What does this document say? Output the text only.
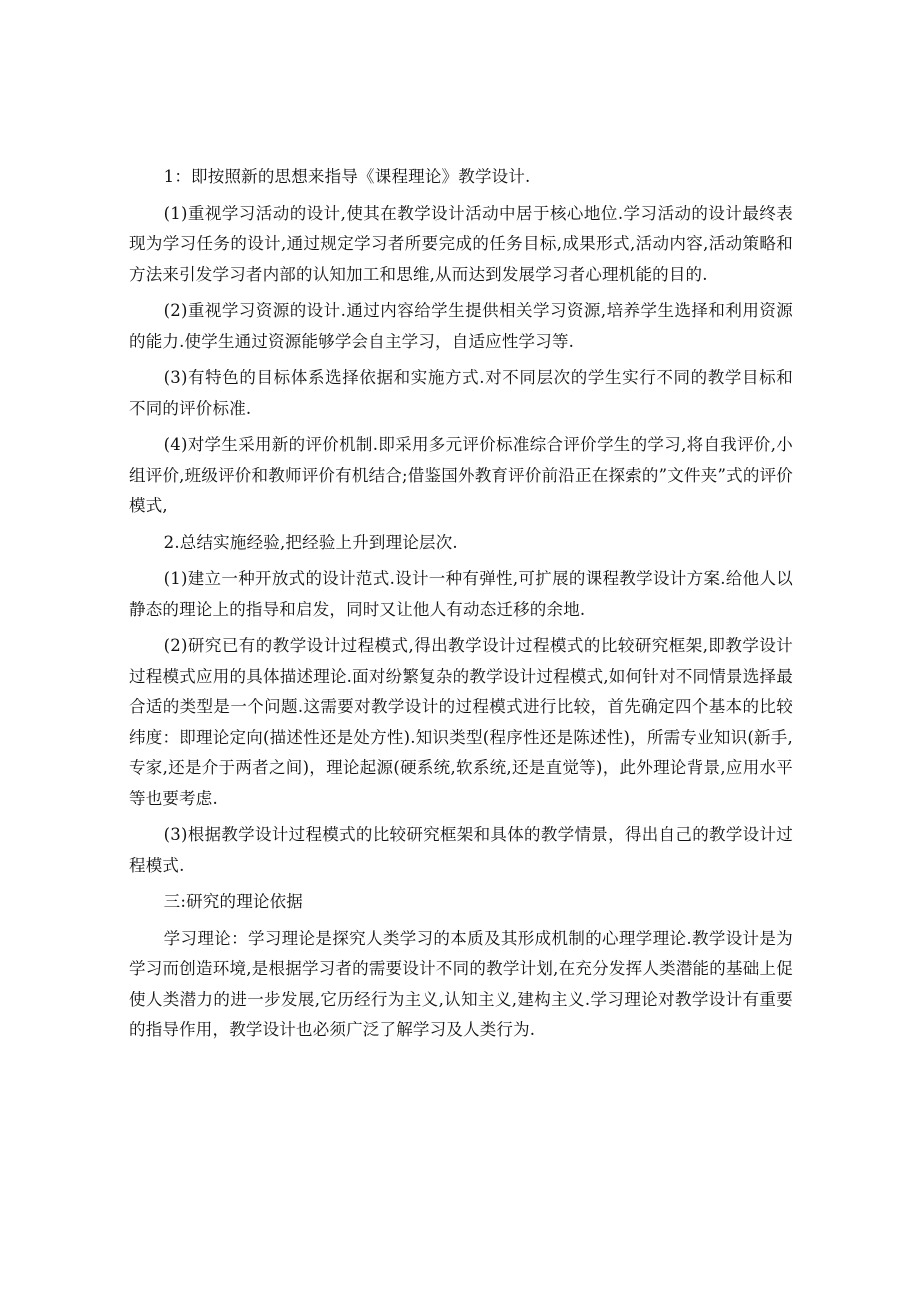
1：即按照新的思想来指导《课程理论》教学设计.

(1)重视学习活动的设计,使其在教学设计活动中居于核心地位.学习活动的设计最终表现为学习任务的设计,通过规定学习者所要完成的任务目标,成果形式,活动内容,活动策略和方法来引发学习者内部的认知加工和思维,从而达到发展学习者心理机能的目的.

(2)重视学习资源的设计.通过内容给学生提供相关学习资源,培养学生选择和利用资源的能力.使学生通过资源能够学会自主学习，自适应性学习等.

(3)有特色的目标体系选择依据和实施方式.对不同层次的学生实行不同的教学目标和不同的评价标准.

(4)对学生采用新的评价机制.即采用多元评价标准综合评价学生的学习,将自我评价,小组评价,班级评价和教师评价有机结合;借鉴国外教育评价前沿正在探索的”文件夹”式的评价模式,

2.总结实施经验,把经验上升到理论层次.

(1)建立一种开放式的设计范式.设计一种有弹性,可扩展的课程教学设计方案.给他人以静态的理论上的指导和启发，同时又让他人有动态迁移的余地.

(2)研究已有的教学设计过程模式,得出教学设计过程模式的比较研究框架,即教学设计过程模式应用的具体描述理论.面对纷繁复杂的教学设计过程模式,如何针对不同情景选择最合适的类型是一个问题.这需要对教学设计的过程模式进行比较，首先确定四个基本的比较纬度：即理论定向(描述性还是处方性).知识类型(程序性还是陈述性)，所需专业知识(新手,专家,还是介于两者之间)，理论起源(硬系统,软系统,还是直觉等)，此外理论背景,应用水平等也要考虑.

(3)根据教学设计过程模式的比较研究框架和具体的教学情景，得出自己的教学设计过程模式.

三:研究的理论依据

学习理论：学习理论是探究人类学习的本质及其形成机制的心理学理论.教学设计是为学习而创造环境,是根据学习者的需要设计不同的教学计划,在充分发挥人类潜能的基础上促使人类潜力的进一步发展,它历经行为主义,认知主义,建构主义.学习理论对教学设计有重要的指导作用，教学设计也必须广泛了解学习及人类行为.
